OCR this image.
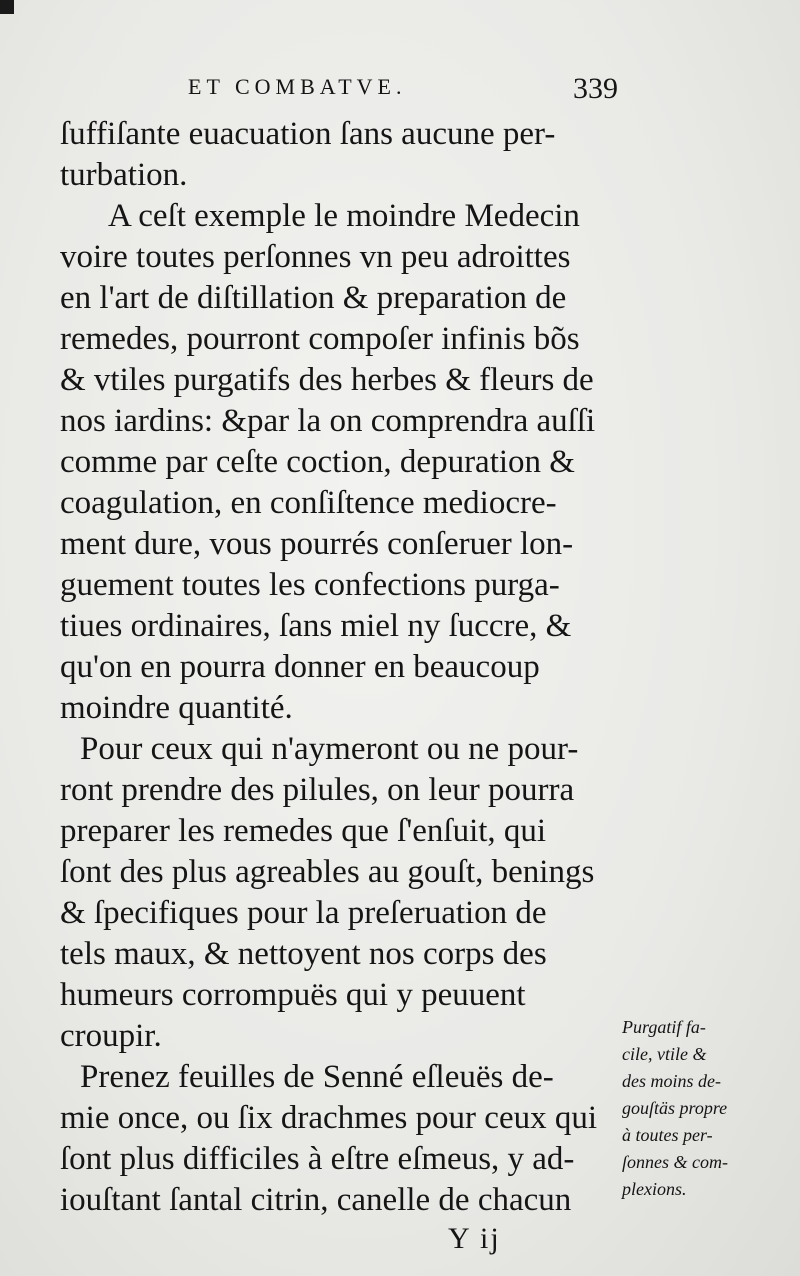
ET COMBATVE.	339
ſuffiſante euacuation ſans aucune per-
turbation.
A ceſt exemple le moindre Medecin
voire toutes perſonnes vn peu adroittes
en l'art de diſtillation & preparation de
remedes, pourront compoſer infinis bõs
& vtiles purgatifs des herbes & fleurs de
nos iardins: &par la on comprendra auſſi
comme par ceſte coction, depuration &
coagulation, en conſiſtence mediocre-
ment dure, vous pourrés conſeruer lon-
guement toutes les confections purga-
tiues ordinaires, ſans miel ny ſuccre, &
qu'on en pourra donner en beaucoup
moindre quantité.
Pour ceux qui n'aymeront ou ne pour-
ront prendre des pilules, on leur pourra
preparer les remedes que ſ'enſuit, qui
ſont des plus agreables au gouſt, benings
& ſpecifiques pour la preſeruation de
tels maux, & nettoyent nos corps des
humeurs corrompuës qui y peuuent
croupir.
Prenez feuilles de Senné eſleuës de-
mie once, ou ſix drachmes pour ceux qui
ſont plus difficiles à eſtre eſmeus, y ad-
iouſtant ſantal citrin, canelle de chacun
Purgatif fa-
cile, vtile &
des moins de-
gouſtäs propre
à toutes per-
ſonnes & com-
plexions.
Y ij
